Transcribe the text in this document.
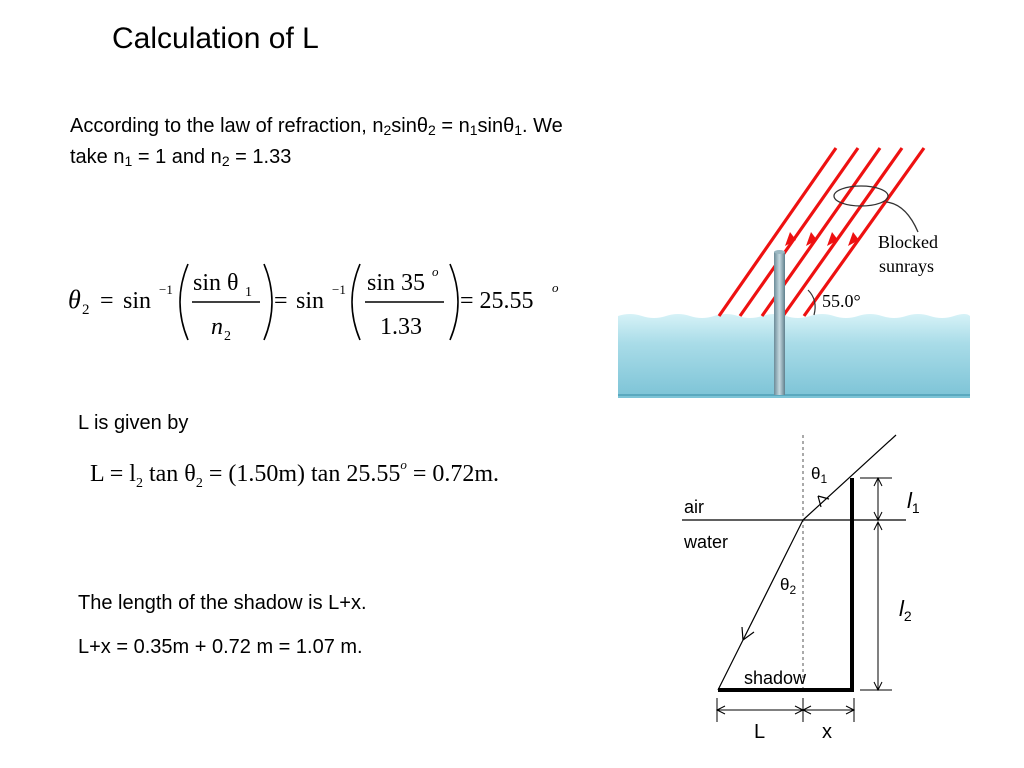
Calculation of L
According to the law of refraction, $n_2\sin\theta_2 = n_1\sin\theta_1$. We take $n_1 = 1$ and $n_2 = 1.33$
θ 2 = sin −1 sin θ 1
n 2
= sin −1 sin 35 o
1.33
= 25.55
o
L is given by
$L = l_2$ $\tan \theta_2 = (1.50m)$ $\tan 25.55^o = 0.72m$.
The length of the shadow is L+x.
L+x = 0.35m + 0.72 m = 1.07 m.
Blocked
sunrays
55.0°
$\theta_1$
air
water
$\theta_2$
$l_1$
$l_2$
shadow
L	x
